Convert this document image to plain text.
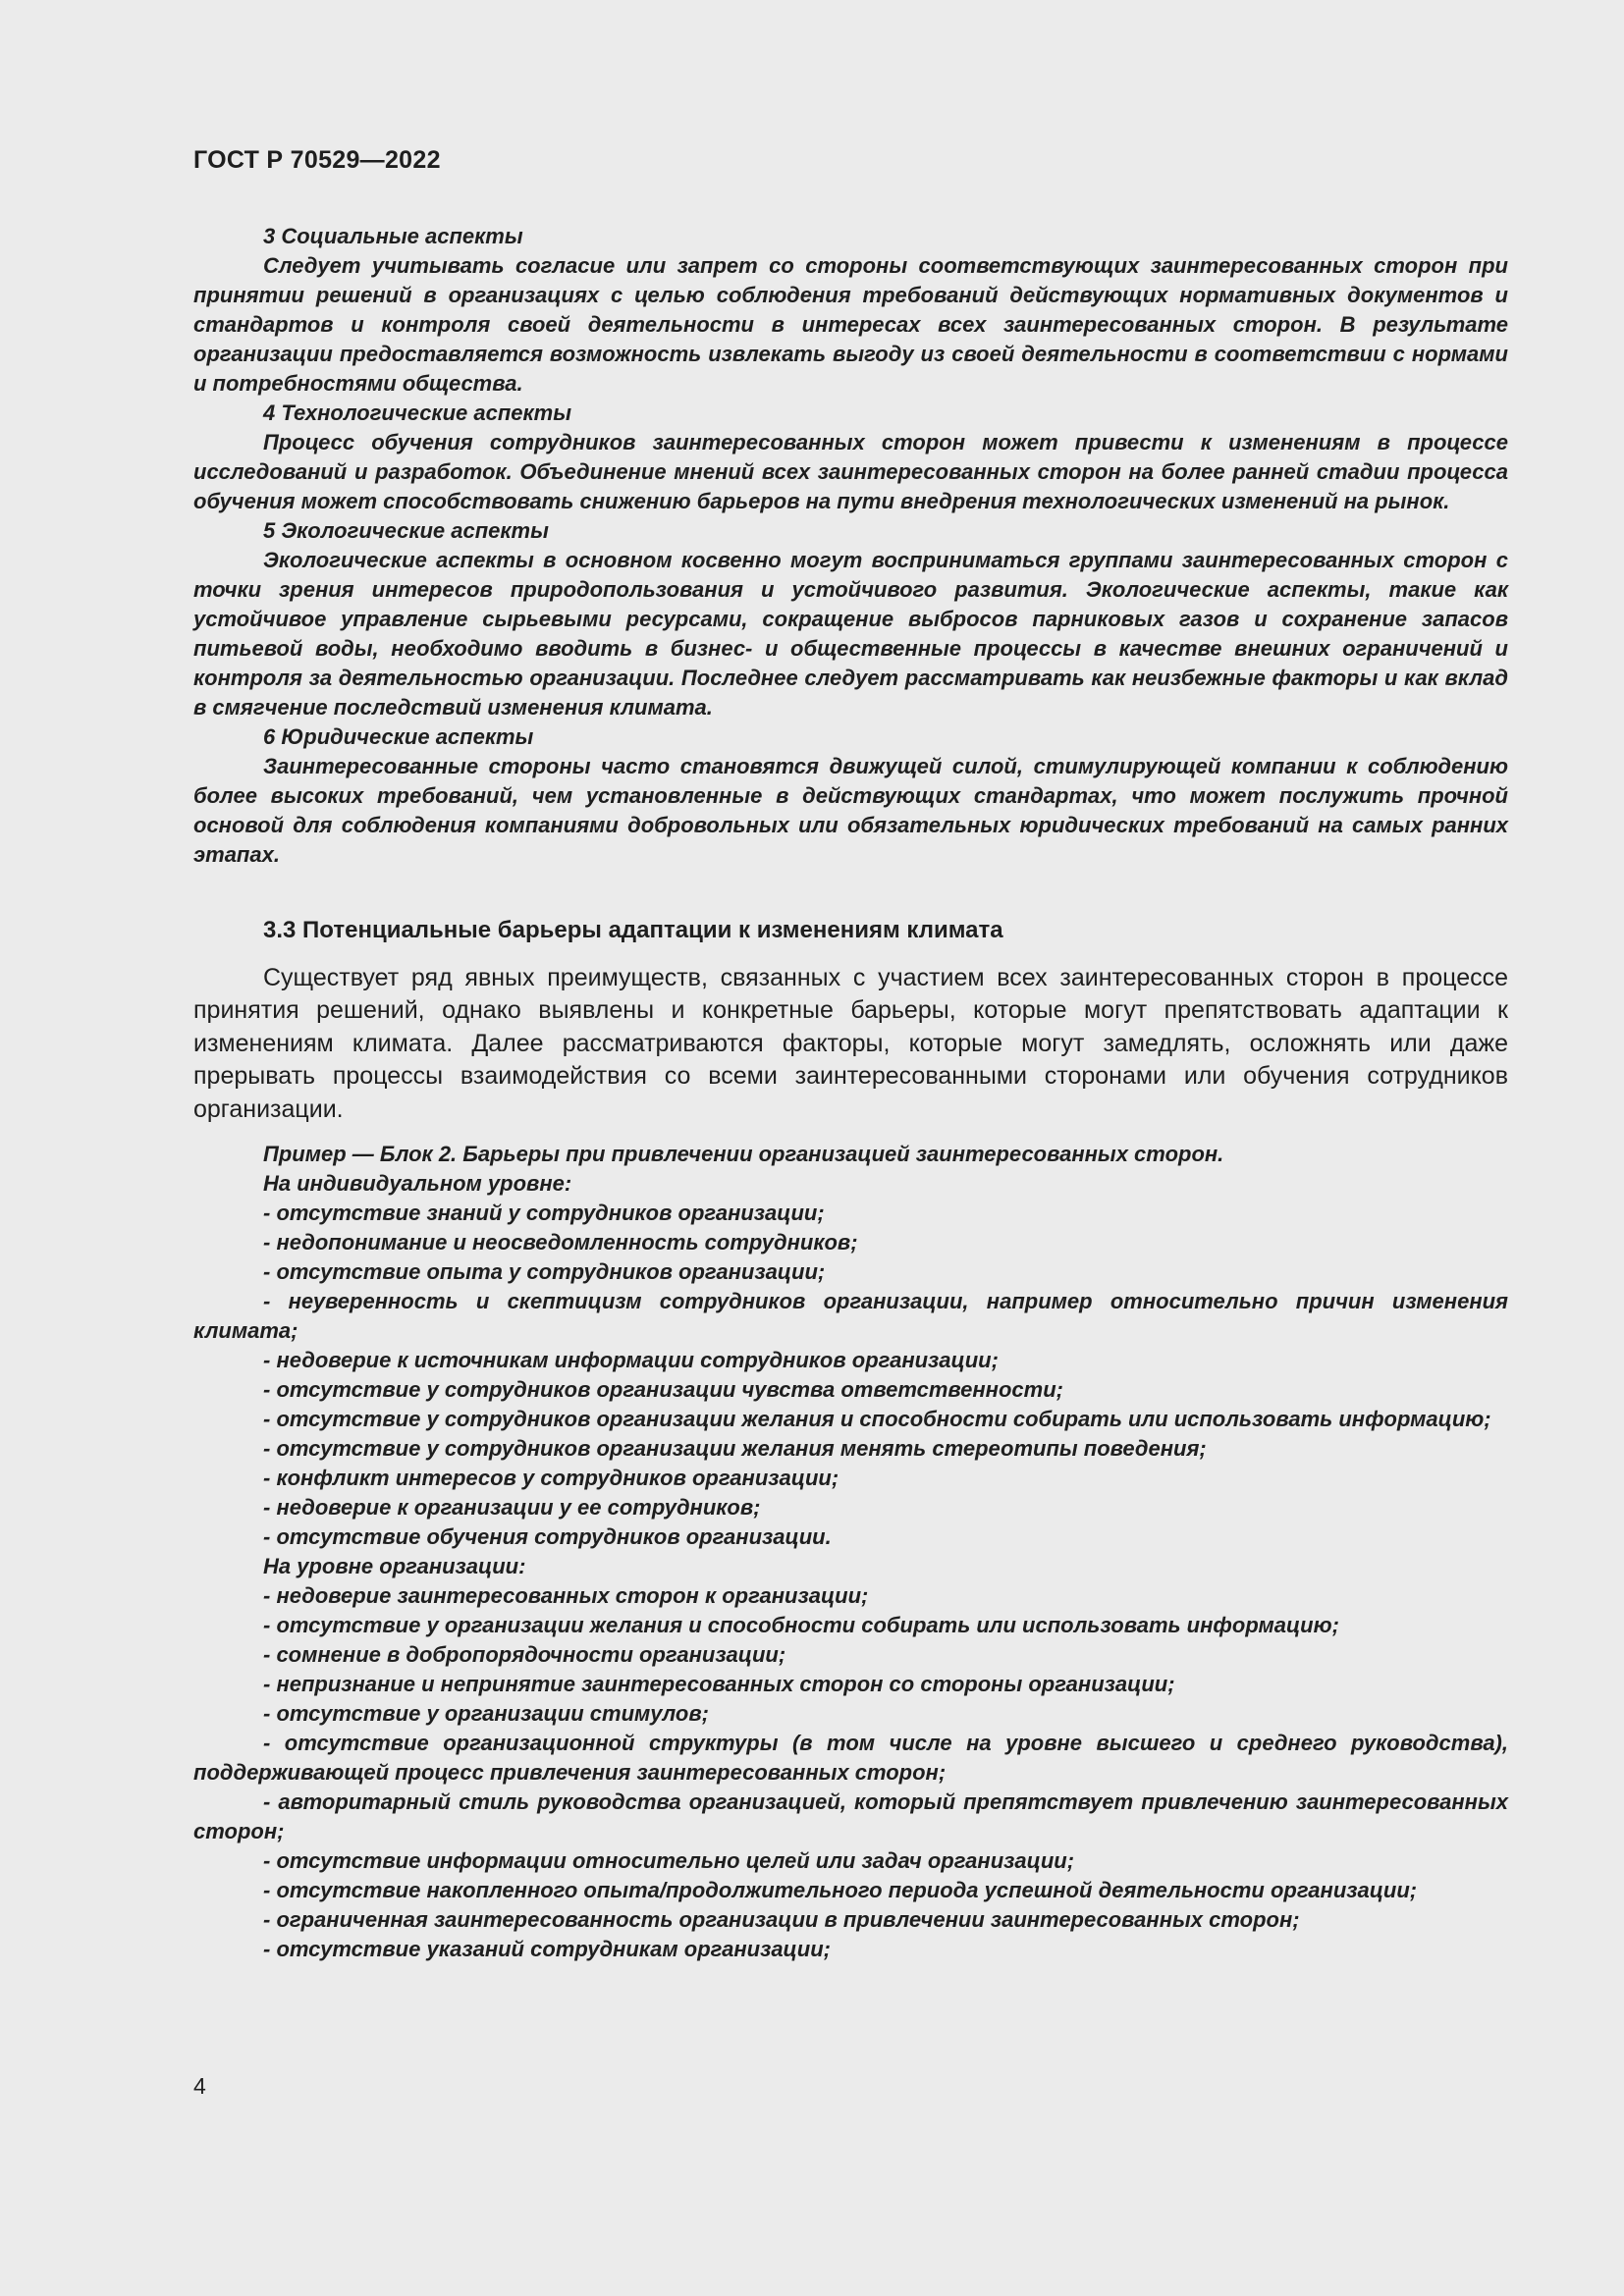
ГОСТ Р 70529—2022

3 Социальные аспекты

Следует учитывать согласие или запрет со стороны соответствующих заинтересованных сторон при принятии решений в организациях с целью соблюдения требований действующих нормативных документов и стандартов и контроля своей деятельности в интересах всех заинтересованных сторон. В результате организации предоставляется возможность извлекать выгоду из своей деятельности в соответствии с нормами и потребностями общества.

4 Технологические аспекты

Процесс обучения сотрудников заинтересованных сторон может привести к изменениям в процессе исследований и разработок. Объединение мнений всех заинтересованных сторон на более ранней стадии процесса обучения может способствовать снижению барьеров на пути внедрения технологических изменений на рынок.

5 Экологические аспекты

Экологические аспекты в основном косвенно могут восприниматься группами заинтересованных сторон с точки зрения интересов природопользования и устойчивого развития. Экологические аспекты, такие как устойчивое управление сырьевыми ресурсами, сокращение выбросов парниковых газов и сохранение запасов питьевой воды, необходимо вводить в бизнес- и общественные процессы в качестве внешних ограничений и контроля за деятельностью организации. Последнее следует рассматривать как неизбежные факторы и как вклад в смягчение последствий изменения климата.

6 Юридические аспекты

Заинтересованные стороны часто становятся движущей силой, стимулирующей компании к соблюдению более высоких требований, чем установленные в действующих стандартах, что может послужить прочной основой для соблюдения компаниями добровольных или обязательных юридических требований на самых ранних этапах.

3.3 Потенциальные барьеры адаптации к изменениям климата

Существует ряд явных преимуществ, связанных с участием всех заинтересованных сторон в процессе принятия решений, однако выявлены и конкретные барьеры, которые могут препятствовать адаптации к изменениям климата. Далее рассматриваются факторы, которые могут замедлять, осложнять или даже прерывать процессы взаимодействия со всеми заинтересованными сторонами или обучения сотрудников организации.

Пример — Блок 2. Барьеры при привлечении организацией заинтересованных сторон.

На индивидуальном уровне:

- отсутствие знаний у сотрудников организации;

- недопонимание и неосведомленность сотрудников;

- отсутствие опыта у сотрудников организации;

- неуверенность и скептицизм сотрудников организации, например относительно причин изменения климата;

- недоверие к источникам информации сотрудников организации;

- отсутствие у сотрудников организации чувства ответственности;

- отсутствие у сотрудников организации желания и способности собирать или использовать информацию;

- отсутствие у сотрудников организации желания менять стереотипы поведения;

- конфликт интересов у сотрудников организации;

- недоверие к организации у ее сотрудников;

- отсутствие обучения сотрудников организации.

На уровне организации:

- недоверие заинтересованных сторон к организации;

- отсутствие у организации желания и способности собирать или использовать информацию;

- сомнение в добропорядочности организации;

- непризнание и непринятие заинтересованных сторон со стороны организации;

- отсутствие у организации стимулов;

- отсутствие организационной структуры (в том числе на уровне высшего и среднего руководства), поддерживающей процесс привлечения заинтересованных сторон;

- авторитарный стиль руководства организацией, который препятствует привлечению заинтересованных сторон;

- отсутствие информации относительно целей или задач организации;

- отсутствие накопленного опыта/продолжительного периода успешной деятельности организации;

- ограниченная заинтересованность организации в привлечении заинтересованных сторон;

- отсутствие указаний сотрудникам организации;

4
